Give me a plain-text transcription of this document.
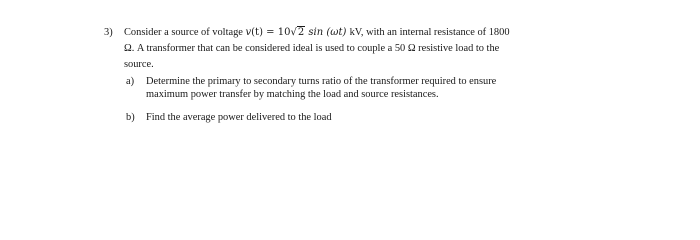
3) Consider a source of voltage v(t) = 10√2 sin (ωt) kV, with an internal resistance of 1800
Ω. A transformer that can be considered ideal is used to couple a 50 Ω resistive load to the
source.
a) Determine the primary to secondary turns ratio of the transformer required to ensure
maximum power transfer by matching the load and source resistances.
b) Find the average power delivered to the load
